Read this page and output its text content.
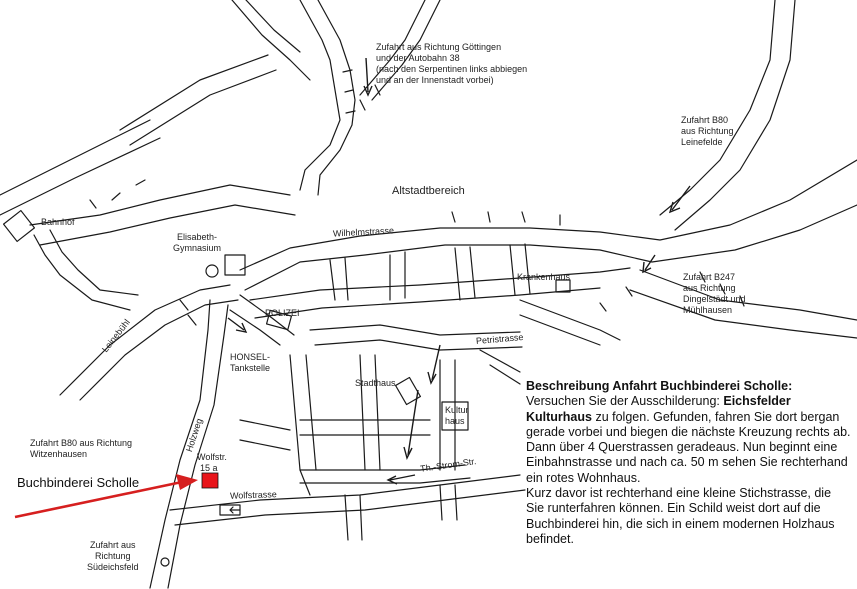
Zufahrt aus Richtung Göttingen
und der Autobahn 38
(nach den Serpentinen links abbiegen
und an der Innenstadt vorbei)
Zufahrt B80
aus Richtung
Leinefelde
Altstadtbereich
Bahnhof
Elisabeth-
Gymnasium
Wilhelmstrasse
Krankenhaus	Zufahrt B247
aus Richtung
Dingelstädt und
Mühlhausen
POLIZEI
Leinebühl
HONSEL-
Tankstelle
Petristrasse
Stadthaus
Kultur
haus
Holzweg
Zufahrt B80 aus Richtung
Witzenhausen	Wolfstr.
15 a
Buchbinderei Scholle
Wolfstrasse
Th.-Strom-Str.
Zufahrt aus
Richtung
Südeichsfeld

Beschreibung Anfahrt Buchbinderei Scholle:

Versuchen Sie der Ausschilderung: Eichsfelder Kulturhaus zu folgen. Gefunden, fahren Sie dort bergan gerade vorbei und biegen die nächste Kreuzung rechts ab. Dann über 4 Querstrassen geradeaus. Nun beginnt eine Einbahnstrasse und nach ca. 50 m sehen Sie rechterhand ein rotes Wohnhaus.

Kurz davor ist rechterhand eine kleine Stichstrasse, die Sie runterfahren können. Ein Schild weist dort auf die Buchbinderei hin, die sich in einem modernen Holzhaus befindet.
